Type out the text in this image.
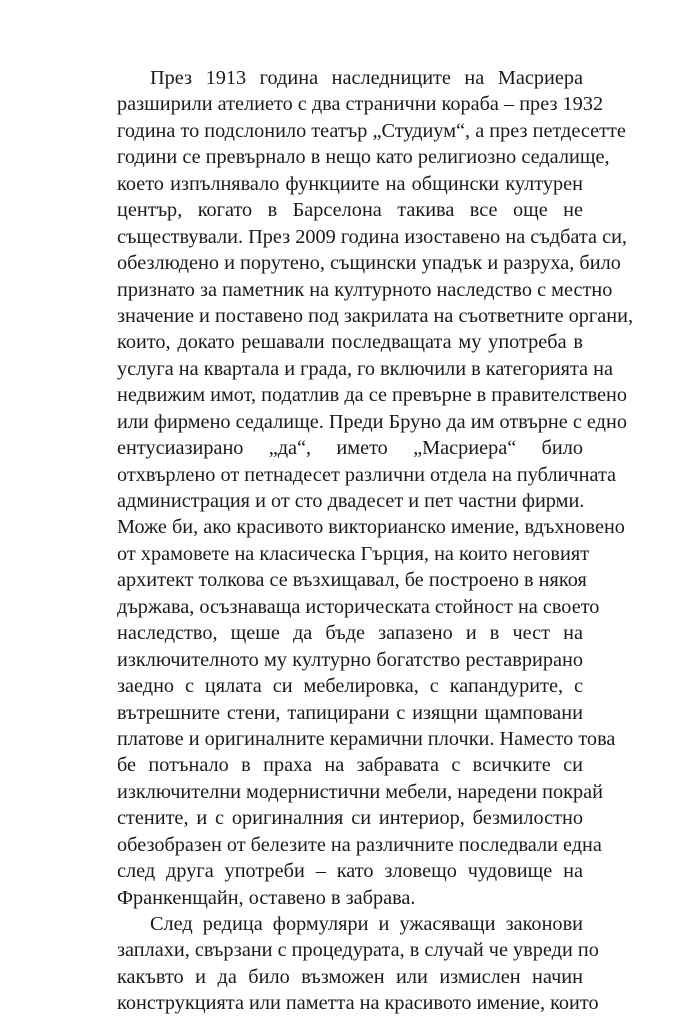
През 1913 година наследниците на Масриера
разширили ателието с два странични кораба – през 1932
година то подслонило театър „Студиум“, а през петдесетте
години се превърнало в нещо като религиозно седалище,
което изпълнявало функциите на общински културен
център, когато в Барселона такива все още не
съществували. През 2009 година изоставено на съдбата си,
обезлюдено и порутено, същински упадък и разруха, било
признато за паметник на културното наследство с местно
значение и поставено под закрилата на съответните органи,
които, докато решавали последващата му употреба в
услуга на квартала и града, го включили в категорията на
недвижим имот, податлив да се превърне в правителствено
или фирмено седалище. Преди Бруно да им отвърне с едно
ентусиазирано „да“, името „Масриера“ било
отхвърлено от петнадесет различни отдела на публичната
администрация и от сто двадесет и пет частни фирми.
Може би, ако красивото викторианско имение, вдъхновено
от храмовете на класическа Гърция, на които неговият
архитект толкова се възхищавал, бе построено в някоя
държава, осъзнаваща историческата стойност на своето
наследство, щеше да бъде запазено и в чест на
изключителното му културно богатство реставрирано
заедно с цялата си мебелировка, с капандурите, с
вътрешните стени, тапицирани с изящни щамповани
платове и оригиналните керамични плочки. Наместо това
бе потънало в праха на забравата с всичките си
изключителни модернистични мебели, наредени покрай
стените, и с оригиналния си интериор, безмилостно
обезобразен от белезите на различните последвали една
след друга употреби – като зловещо чудовище на
Франкенщайн, оставено в забрава.
След редица формуляри и ужасяващи законови
заплахи, свързани с процедурата, в случай че увреди по
какъвто и да било възможен или измислен начин
конструкцията или паметта на красивото имение, които
